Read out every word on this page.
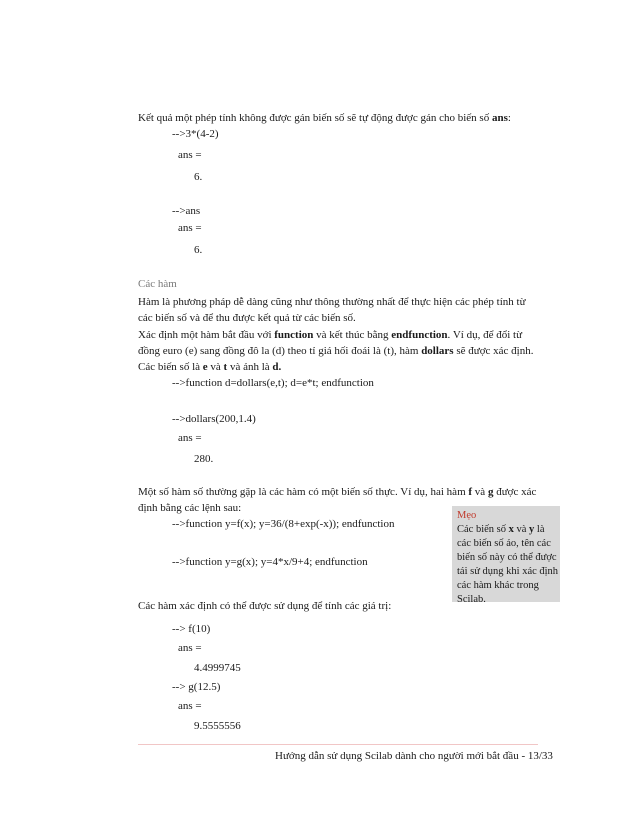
Kết quả một phép tính không được gán biến số sẽ tự động được gán cho biến số ans:
-->3*(4-2)
ans =
6.
-->ans
ans =
6.
Các hàm
Hàm là phương pháp dễ dàng cũng như thông thường nhất để thực hiện các phép tính từ các biến số và để thu được kết quả từ các biến số.
Xác định một hàm bắt đầu với function và kết thúc bằng endfunction. Ví dụ, để đổi từ đồng euro (e) sang đồng đô la (d) theo tỉ giá hối đoái là (t), hàm dollars sẽ được xác định. Các biến số là e và t và ảnh là d.
-->function d=dollars(e,t); d=e*t; endfunction
-->dollars(200,1.4)
ans =
280.
Một số hàm số thường gặp là các hàm có một biến số thực. Ví dụ, hai hàm f và g được xác định bằng các lệnh sau:
-->function y=f(x); y=36/(8+exp(-x)); endfunction
-->function y=g(x); y=4*x/9+4; endfunction
Mẹo
Các biến số x và y là các biến số ảo, tên các biến số này có thể được tái sử dụng khi xác định các hàm khác trong Scilab.
Các hàm xác định có thể được sử dụng để tính các giá trị:
--> f(10)
ans =
4.4999745
--> g(12.5)
ans =
9.5555556
Hướng dẫn sử dụng Scilab dành cho người mới bắt đầu - 13/33
